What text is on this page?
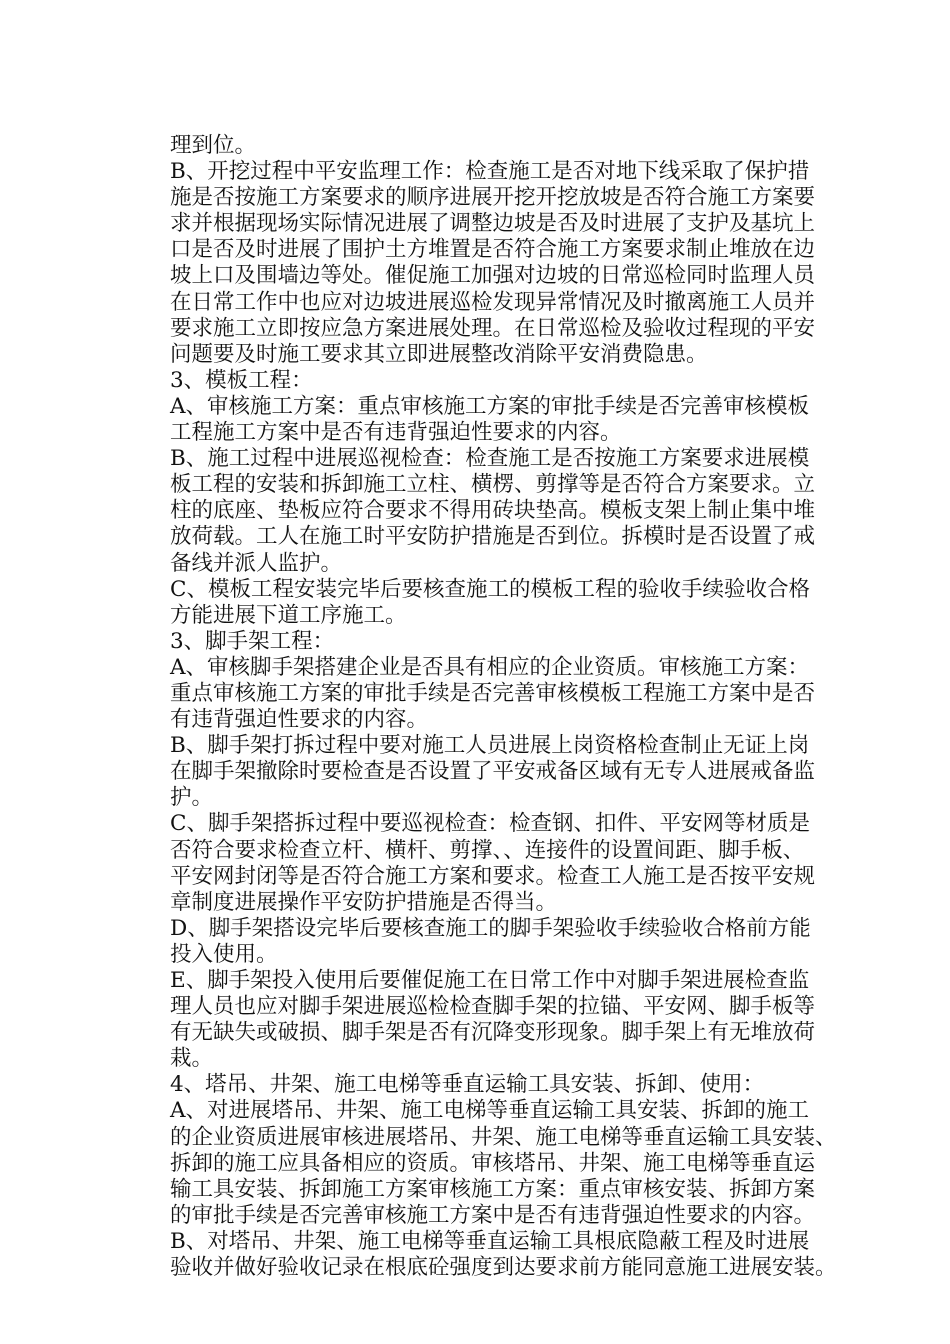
理到位。

B、开挖过程中平安监理工作：检查施工是否对地下线采取了保护措
施是否按施工方案要求的顺序进展开挖开挖放坡是否符合施工方案要
求并根据现场实际情况进展了调整边坡是否及时进展了支护及基坑上
口是否及时进展了围护土方堆置是否符合施工方案要求制止堆放在边
坡上口及围墙边等处。催促施工加强对边坡的日常巡检同时监理人员
在日常工作中也应对边坡进展巡检发现异常情况及时撤离施工人员并
要求施工立即按应急方案进展处理。在日常巡检及验收过程现的平安
问题要及时施工要求其立即进展整改消除平安消费隐患。

3、模板工程：

A、审核施工方案：重点审核施工方案的审批手续是否完善审核模板
工程施工方案中是否有违背强迫性要求的内容。

B、施工过程中进展巡视检查：检查施工是否按施工方案要求进展模
板工程的安装和拆卸施工立柱、横楞、剪撑等是否符合方案要求。立
柱的底座、垫板应符合要求不得用砖块垫高。模板支架上制止集中堆
放荷载。工人在施工时平安防护措施是否到位。拆模时是否设置了戒
备线并派人监护。

C、模板工程安装完毕后要核查施工的模板工程的验收手续验收合格
方能进展下道工序施工。

3、脚手架工程：

A、审核脚手架搭建企业是否具有相应的企业资质。审核施工方案：
重点审核施工方案的审批手续是否完善审核模板工程施工方案中是否
有违背强迫性要求的内容。

B、脚手架打拆过程中要对施工人员进展上岗资格检查制止无证上岗
在脚手架撤除时要检查是否设置了平安戒备区域有无专人进展戒备监
护。

C、脚手架搭拆过程中要巡视检查：检查钢、扣件、平安网等材质是
否符合要求检查立杆、横杆、剪撑、、连接件的设置间距、脚手板、
平安网封闭等是否符合施工方案和要求。检查工人施工是否按平安规
章制度进展操作平安防护措施是否得当。

D、脚手架搭设完毕后要核查施工的脚手架验收手续验收合格前方能
投入使用。

E、脚手架投入使用后要催促施工在日常工作中对脚手架进展检查监
理人员也应对脚手架进展巡检检查脚手架的拉锚、平安网、脚手板等
有无缺失或破损、脚手架是否有沉降变形现象。脚手架上有无堆放荷
栽。

4、塔吊、井架、施工电梯等垂直运输工具安装、拆卸、使用：

A、对进展塔吊、井架、施工电梯等垂直运输工具安装、拆卸的施工
的企业资质进展审核进展塔吊、井架、施工电梯等垂直运输工具安装、
拆卸的施工应具备相应的资质。审核塔吊、井架、施工电梯等垂直运
输工具安装、拆卸施工方案审核施工方案：重点审核安装、拆卸方案
的审批手续是否完善审核施工方案中是否有违背强迫性要求的内容。

B、对塔吊、井架、施工电梯等垂直运输工具根底隐蔽工程及时进展
验收并做好验收记录在根底砼强度到达要求前方能同意施工进展安装。
